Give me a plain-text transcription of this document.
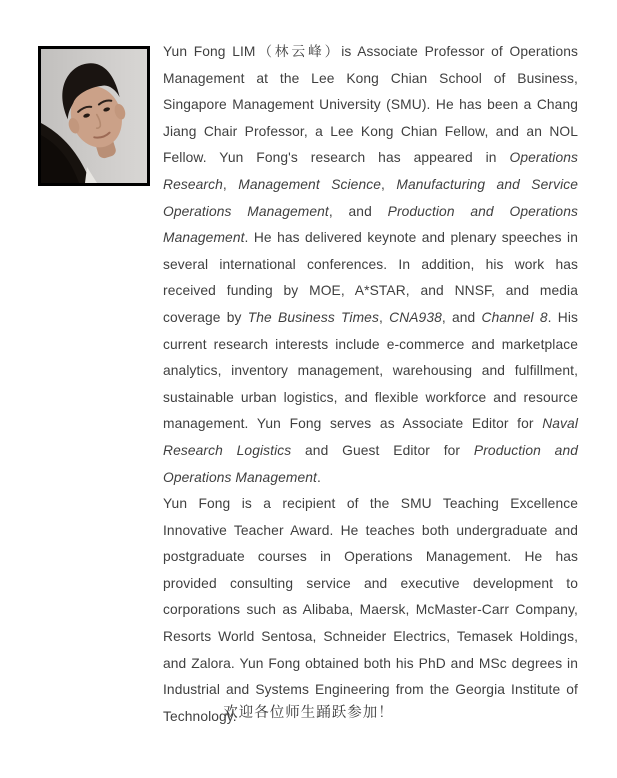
Yun Fong LIM（林云峰）is Associate Professor of Operations Management at the Lee Kong Chian School of Business, Singapore Management University (SMU). He has been a Chang Jiang Chair Professor, a Lee Kong Chian Fellow, and an NOL Fellow. Yun Fong's research has appeared in Operations Research, Management Science, Manufacturing and Service Operations Management, and Production and Operations Management. He has delivered keynote and plenary speeches in several international conferences. In addition, his work has received funding by MOE, A*STAR, and NNSF, and media coverage by The Business Times, CNA938, and Channel 8. His current research interests include e-commerce and marketplace analytics, inventory management, warehousing and fulfillment, sustainable urban logistics, and flexible workforce and resource management. Yun Fong serves as Associate Editor for Naval Research Logistics and Guest Editor for Production and Operations Management.

Yun Fong is a recipient of the SMU Teaching Excellence Innovative Teacher Award. He teaches both undergraduate and postgraduate courses in Operations Management. He has provided consulting service and executive development to corporations such as Alibaba, Maersk, McMaster-Carr Company, Resorts World Sentosa, Schneider Electrics, Temasek Holdings, and Zalora. Yun Fong obtained both his PhD and MSc degrees in Industrial and Systems Engineering from the Georgia Institute of Technology.

欢迎各位师生踊跃参加！
